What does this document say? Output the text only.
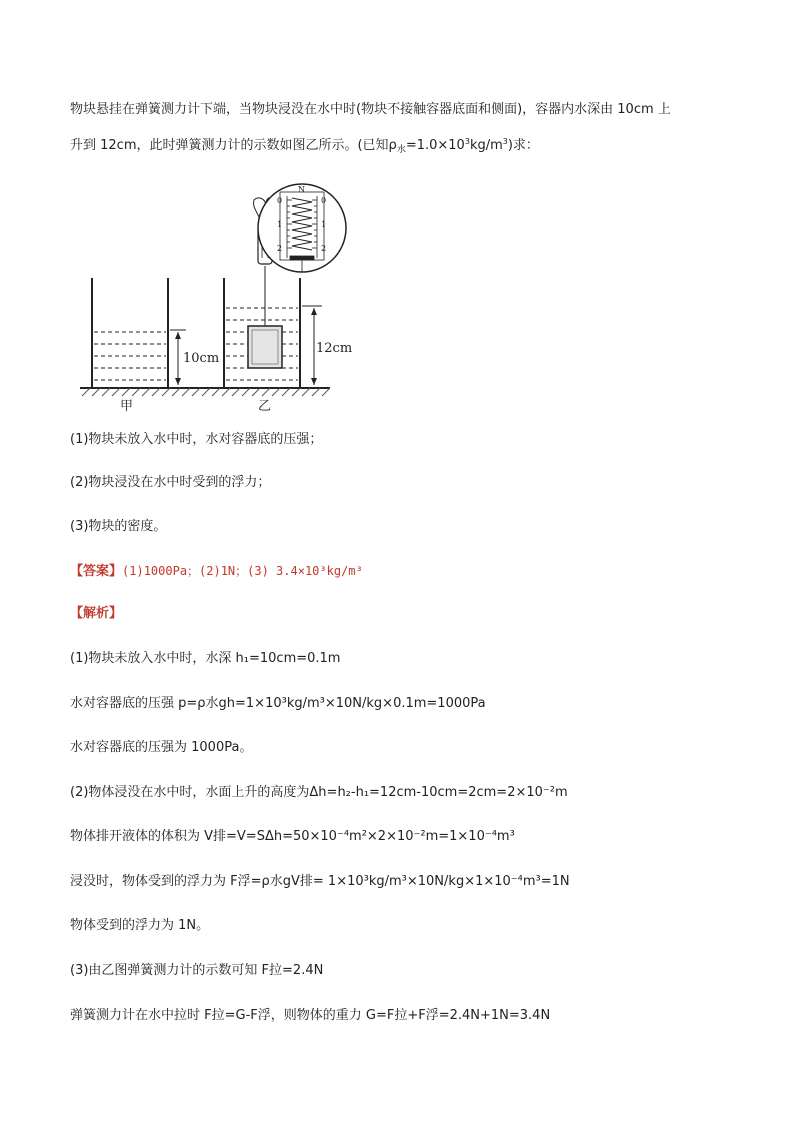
物块悬挂在弹簧测力计下端，当物块浸没在水中时(物块不接触容器底面和侧面)，容器内水深由 10cm 上
升到 12cm，此时弹簧测力计的示数如图乙所示。(已知$\rho_水=1.0\times 10^3kg/m^3$)求：
10cm
甲
12cm
乙
N
0
1
2
0
1
2
(1)物块未放入水中时，水对容器底的压强；
(2)物块浸没在水中时受到的浮力；
(3)物块的密度。
【答案】(1)1000Pa；(2)1N；(3) 3.4×10³kg/m³
【解析】
(1)物块未放入水中时，水深 h₁=10cm=0.1m
水对容器底的压强 p=ρ水gh=1×10³kg/m³×10N/kg×0.1m=1000Pa
水对容器底的压强为 1000Pa。
(2)物体浸没在水中时，水面上升的高度为Δh=h₂-h₁=12cm-10cm=2cm=2×10⁻²m
物体排开液体的体积为 V排=V=SΔh=50×10⁻⁴m²×2×10⁻²m=1×10⁻⁴m³
浸没时，物体受到的浮力为 F浮=ρ水gV排= 1×10³kg/m³×10N/kg×1×10⁻⁴m³=1N
物体受到的浮力为 1N。
(3)由乙图弹簧测力计的示数可知 F拉=2.4N
弹簧测力计在水中拉时 F拉=G-F浮，则物体的重力 G=F拉+F浮=2.4N+1N=3.4N
